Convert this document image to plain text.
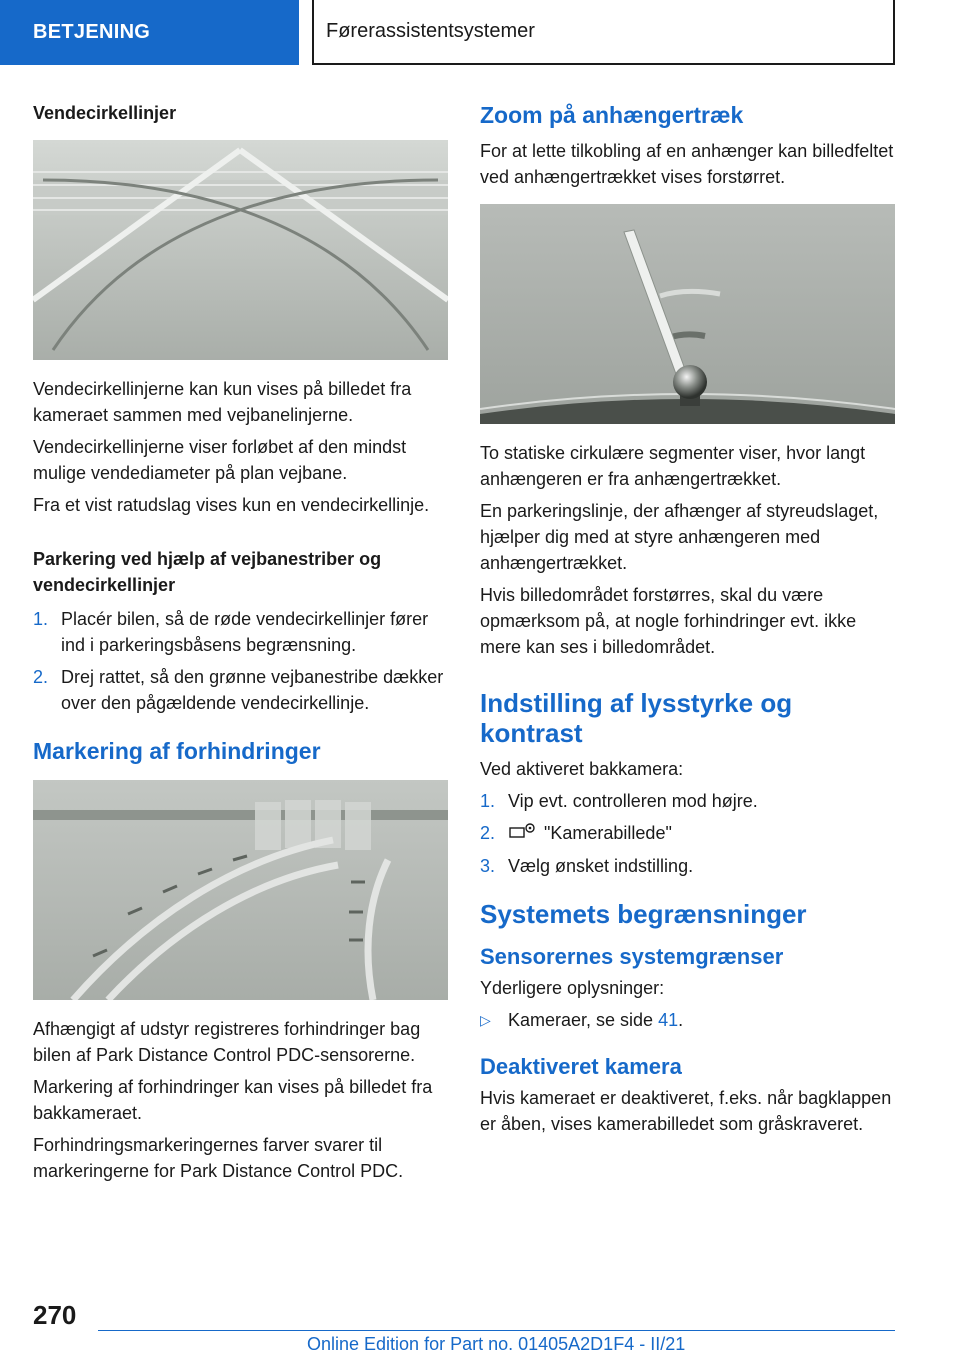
BETJENING	Førerassistentsystemer
Vendecirkellinjer

Vendecirkellinjerne kan kun vises på billedet fra kameraet sammen med vejbanelinjerne.

Vendecirkellinjerne viser forløbet af den mindst mulige vendediameter på plan vejbane.

Fra et vist ratudslag vises kun en vendecirkellinje.

Parkering ved hjælp af vejbanestriber og vendecirkellinjer
1. Placér bilen, så de røde vendecirkellinjer fører ind i parkeringsbåsens begrænsning.
2. Drej rattet, så den grønne vejbanestribe dækker over den pågældende vendecirkellinje.
Markering af forhindringer

Afhængigt af udstyr registreres forhindringer bag bilen af Park Distance Control PDC-sensorerne.

Markering af forhindringer kan vises på billedet fra bakkameraet.

Forhindringsmarkeringernes farver svarer til markeringerne for Park Distance Control PDC.

Zoom på anhængertræk

For at lette tilkobling af en anhænger kan billedfeltet ved anhængertrækket vises forstørret.

To statiske cirkulære segmenter viser, hvor langt anhængeren er fra anhængertrækket.

En parkeringslinje, der afhænger af styreudslaget, hjælper dig med at styre anhængeren med anhængertrækket.

Hvis billedområdet forstørres, skal du være opmærksom på, at nogle forhindringer evt. ikke mere kan ses i billedområdet.

Indstilling af lysstyrke og kontrast

Ved aktiveret bakkamera:

1. Vip evt. controlleren mod højre.
2.	"Kamerabillede"
3. Vælg ønsket indstilling.
Systemets begrænsninger
Sensorernes systemgrænser

Yderligere oplysninger:

▷ Kameraer, se side 41.
Deaktiveret kamera

Hvis kameraet er deaktiveret, f.eks. når bagklappen er åben, vises kamerabilledet som gråskraveret.

270
Online Edition for Part no. 01405A2D1F4 - II/21
